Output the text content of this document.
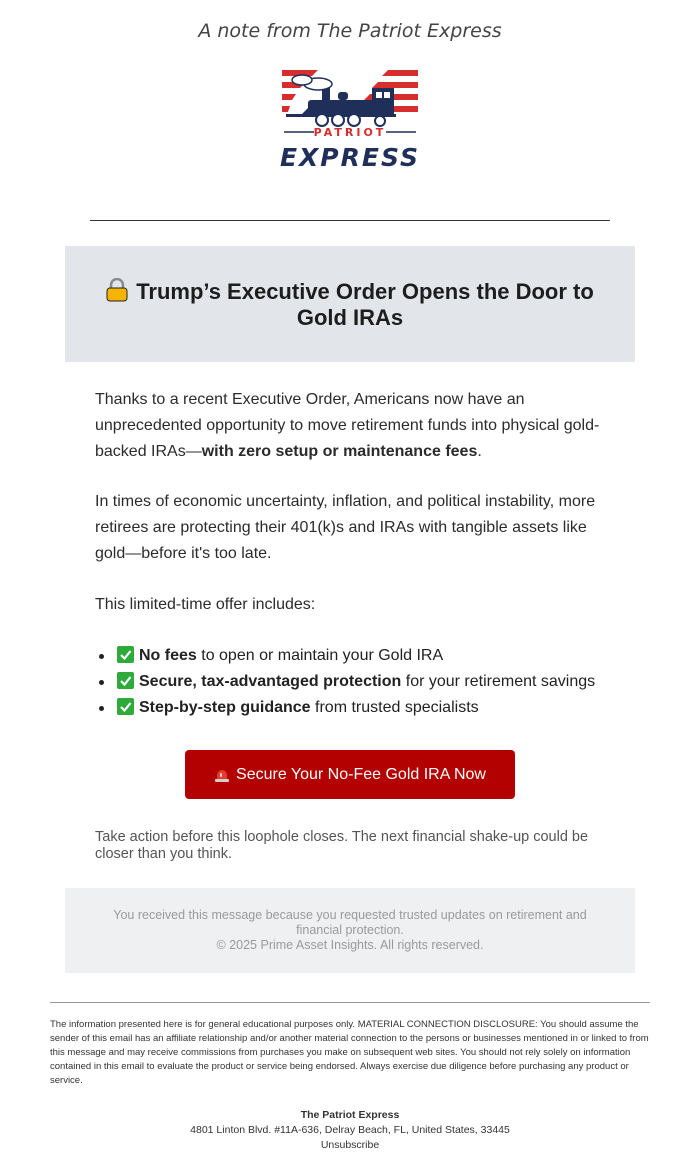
A note from The Patriot Express
PATRIOT
EXPRESS
Trump’s Executive Order Opens the Door to Gold IRAs

Thanks to a recent Executive Order, Americans now have an unprecedented opportunity to move retirement funds into physical gold-backed IRAs—with zero setup or maintenance fees.

In times of economic uncertainty, inflation, and political instability, more retirees are protecting their 401(k)s and IRAs with tangible assets like gold—before it's too late.

This limited-time offer includes:

No fees to open or maintain your Gold IRA
Secure, tax-advantaged protection for your retirement savings
Step-by-step guidance from trusted specialists
Secure Your No-Fee Gold IRA Now

Take action before this loophole closes. The next financial shake-up could be closer than you think.

You received this message because you requested trusted updates on retirement and financial protection.
© 2025 Prime Asset Insights. All rights reserved.

The information presented here is for general educational purposes only. MATERIAL CONNECTION DISCLOSURE: You should assume the sender of this email has an affiliate relationship and/or another material connection to the persons or businesses mentioned in or linked to from this message and may receive commissions from purchases you make on subsequent web sites. You should not rely solely on information contained in this email to evaluate the product or service being endorsed. Always exercise due diligence before purchasing any product or service.

The Patriot Express
4801 Linton Blvd. #11A-636, Delray Beach, FL, United States, 33445
Unsubscribe
